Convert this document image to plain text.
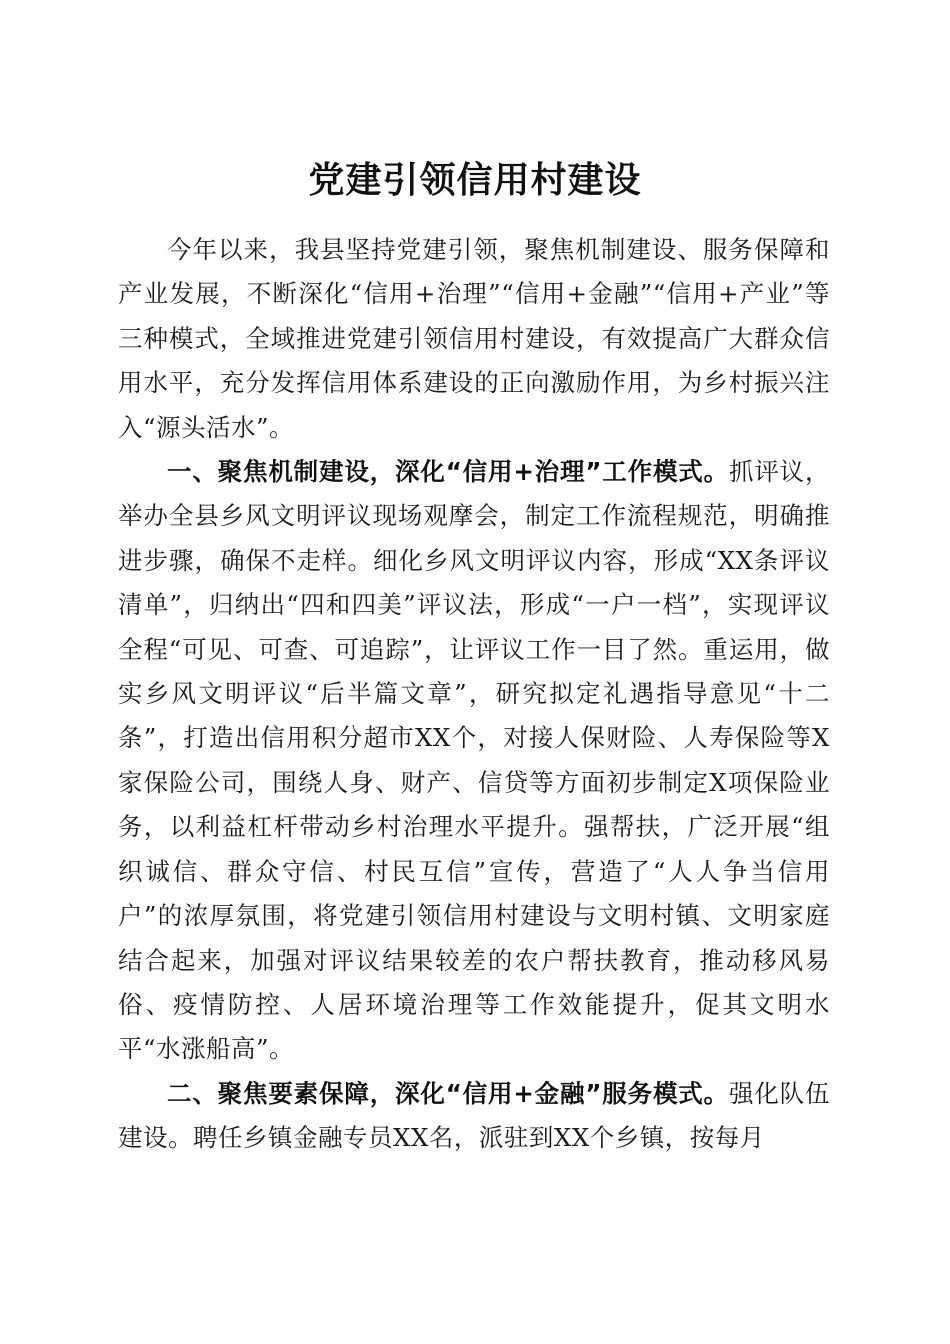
党建引领信用村建设

今年以来，我县坚持党建引领，聚焦机制建设、服务保障和产业发展，不断深化“信用+治理”“信用+金融”“信用+产业”等三种模式，全域推进党建引领信用村建设，有效提高广大群众信用水平，充分发挥信用体系建设的正向激励作用，为乡村振兴注入“源头活水”。

一、聚焦机制建设，深化“信用+治理”工作模式。抓评议，举办全县乡风文明评议现场观摩会，制定工作流程规范，明确推进步骤，确保不走样。细化乡风文明评议内容，形成“XX条评议清单”，归纳出“四和四美”评议法，形成“一户一档”，实现评议全程“可见、可查、可追踪”，让评议工作一目了然。重运用，做实乡风文明评议“后半篇文章”，研究拟定礼遇指导意见“十二条”，打造出信用积分超市XX个，对接人保财险、人寿保险等X家保险公司，围绕人身、财产、信贷等方面初步制定X项保险业务，以利益杠杆带动乡村治理水平提升。强帮扶，广泛开展“组织诚信、群众守信、村民互信”宣传，营造了“人人争当信用户”的浓厚氛围，将党建引领信用村建设与文明村镇、文明家庭结合起来，加强对评议结果较差的农户帮扶教育，推动移风易俗、疫情防控、人居环境治理等工作效能提升，促其文明水平“水涨船高”。

二、聚焦要素保障，深化“信用+金融”服务模式。强化队伍建设。聘任乡镇金融专员XX名，派驻到XX个乡镇，按每月
